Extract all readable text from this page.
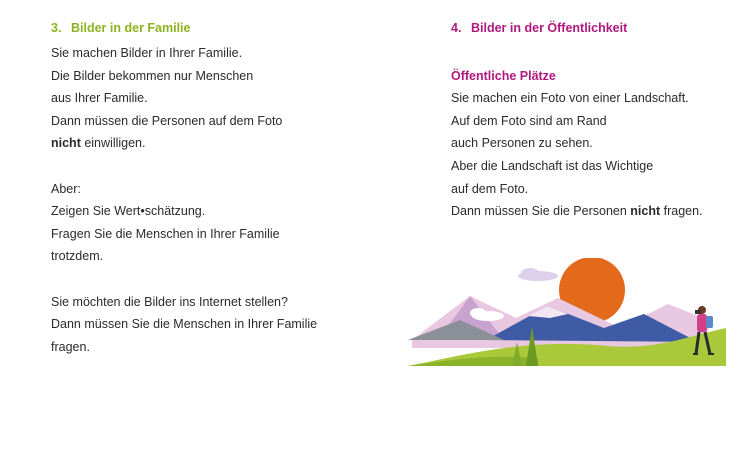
3. Bilder in der Familie
Sie machen Bilder in Ihrer Familie.
Die Bilder bekommen nur Menschen
aus Ihrer Familie.
Dann müssen die Personen auf dem Foto
nicht einwilligen.
Aber:
Zeigen Sie Wert•schätzung.
Fragen Sie die Menschen in Ihrer Familie
trotzdem.
Sie möchten die Bilder ins Internet stellen?
Dann müssen Sie die Menschen in Ihrer Familie
fragen.
4. Bilder in der Öffentlichkeit
Öffentliche Plätze
Sie machen ein Foto von einer Landschaft.
Auf dem Foto sind am Rand
auch Personen zu sehen.
Aber die Landschaft ist das Wichtige
auf dem Foto.
Dann müssen Sie die Personen nicht fragen.
